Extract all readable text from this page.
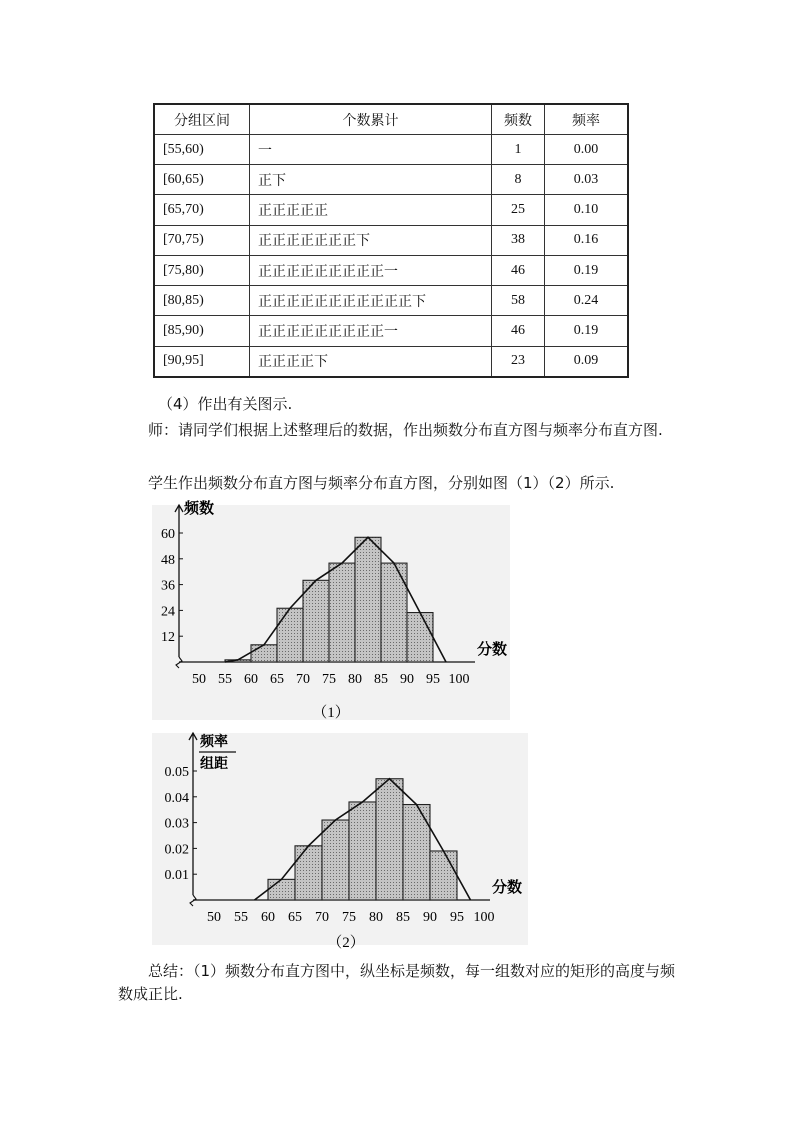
分组区间	个数累计	频数	频率
[55,60)	一	1	0.00
[60,65)	正下	8	0.03
[65,70)	正正正正正	25	0.10
[70,75)	正正正正正正正下	38	0.16
[75,80)	正正正正正正正正正一	46	0.19
[80,85)	正正正正正正正正正正正下	58	0.24
[85,90)	正正正正正正正正正一	46	0.19
[90,95]	正正正正下	23	0.09
（4）作出有关图示.
师：请同学们根据上述整理后的数据，作出频数分布直方图与频率分布直方图.
学生作出频数分布直方图与频率分布直方图，分别如图（1）（2）所示.
12
24
36
48
60
50 55 60 65 70 75 80 85 90 95 100
分数
（1）
频数
0.01
0.02
0.03
0.04
0.05
50 55 60 65 70 75 80 85 90 95 100
分数
（2）
频率
组距
总结：（1）频数分布直方图中，纵坐标是频数，每一组数对应的矩形的高度与频数成正比.
